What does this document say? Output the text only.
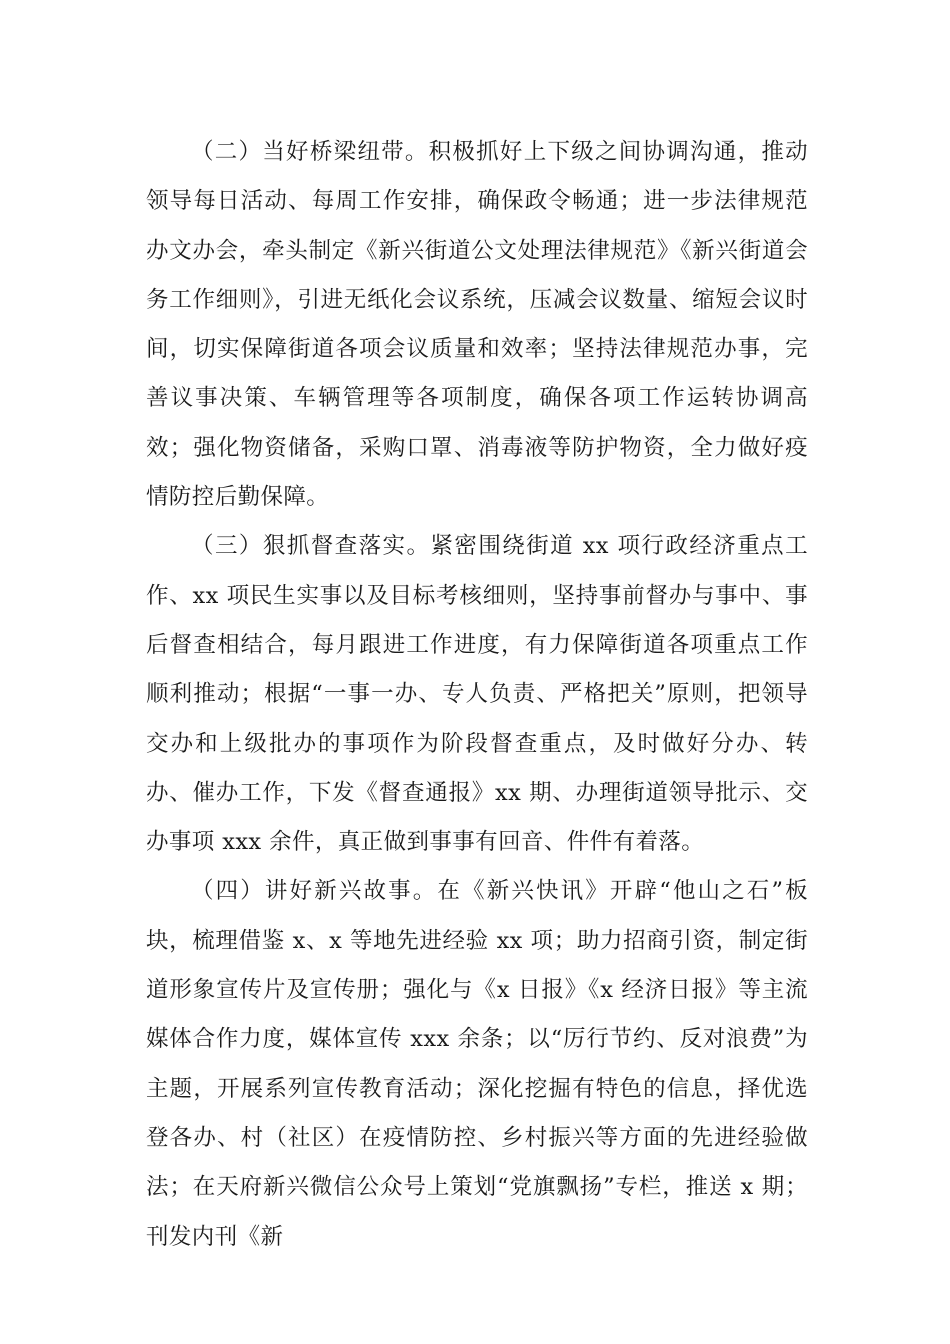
（二）当好桥梁纽带。积极抓好上下级之间协调沟通，推动领导每日活动、每周工作安排，确保政令畅通；进一步法律规范办文办会，牵头制定《新兴街道公文处理法律规范》《新兴街道会务工作细则》，引进无纸化会议系统，压减会议数量、缩短会议时间，切实保障街道各项会议质量和效率；坚持法律规范办事，完善议事决策、车辆管理等各项制度，确保各项工作运转协调高效；强化物资储备，采购口罩、消毒液等防护物资，全力做好疫情防控后勤保障。

（三）狠抓督查落实。紧密围绕街道 xx 项行政经济重点工作、xx 项民生实事以及目标考核细则，坚持事前督办与事中、事后督查相结合，每月跟进工作进度，有力保障街道各项重点工作顺利推动；根据“一事一办、专人负责、严格把关”原则，把领导交办和上级批办的事项作为阶段督查重点，及时做好分办、转办、催办工作，下发《督查通报》xx 期、办理街道领导批示、交办事项 xxx 余件，真正做到事事有回音、件件有着落。

（四）讲好新兴故事。在《新兴快讯》开辟“他山之石”板块，梳理借鉴 x、x 等地先进经验 xx 项；助力招商引资，制定街道形象宣传片及宣传册；强化与《x 日报》《x 经济日报》等主流媒体合作力度，媒体宣传 xxx 余条；以“厉行节约、反对浪费”为主题，开展系列宣传教育活动；深化挖掘有特色的信息，择优选登各办、村（社区）在疫情防控、乡村振兴等方面的先进经验做法；在天府新兴微信公众号上策划“党旗飘扬”专栏，推送 x 期；刊发内刊《新
